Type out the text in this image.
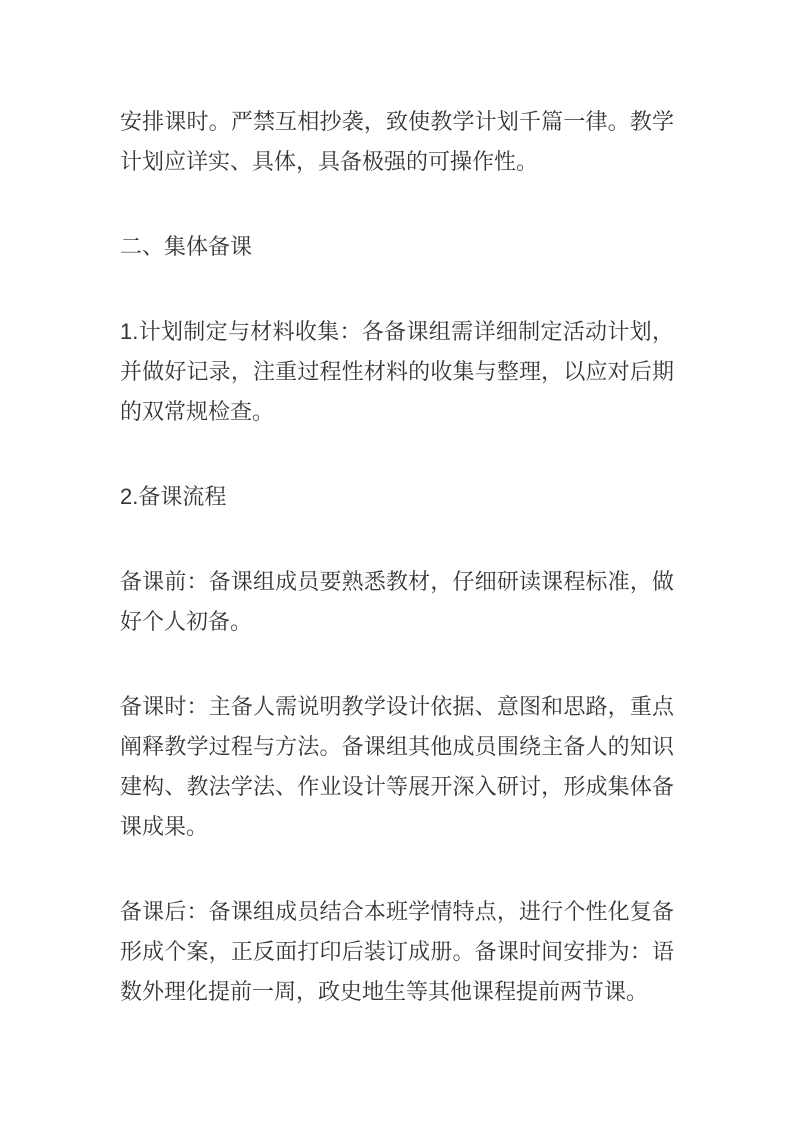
安排课时。严禁互相抄袭，致使教学计划千篇一律。教学计划应详实、具体，具备极强的可操作性。

二、集体备课

1.计划制定与材料收集：各备课组需详细制定活动计划，并做好记录，注重过程性材料的收集与整理，以应对后期的双常规检查。

2.备课流程

备课前：备课组成员要熟悉教材，仔细研读课程标准，做好个人初备。

备课时：主备人需说明教学设计依据、意图和思路，重点阐释教学过程与方法。备课组其他成员围绕主备人的知识建构、教法学法、作业设计等展开深入研讨，形成集体备课成果。

备课后：备课组成员结合本班学情特点，进行个性化复备形成个案，正反面打印后装订成册。备课时间安排为：语数外理化提前一周，政史地生等其他课程提前两节课。
